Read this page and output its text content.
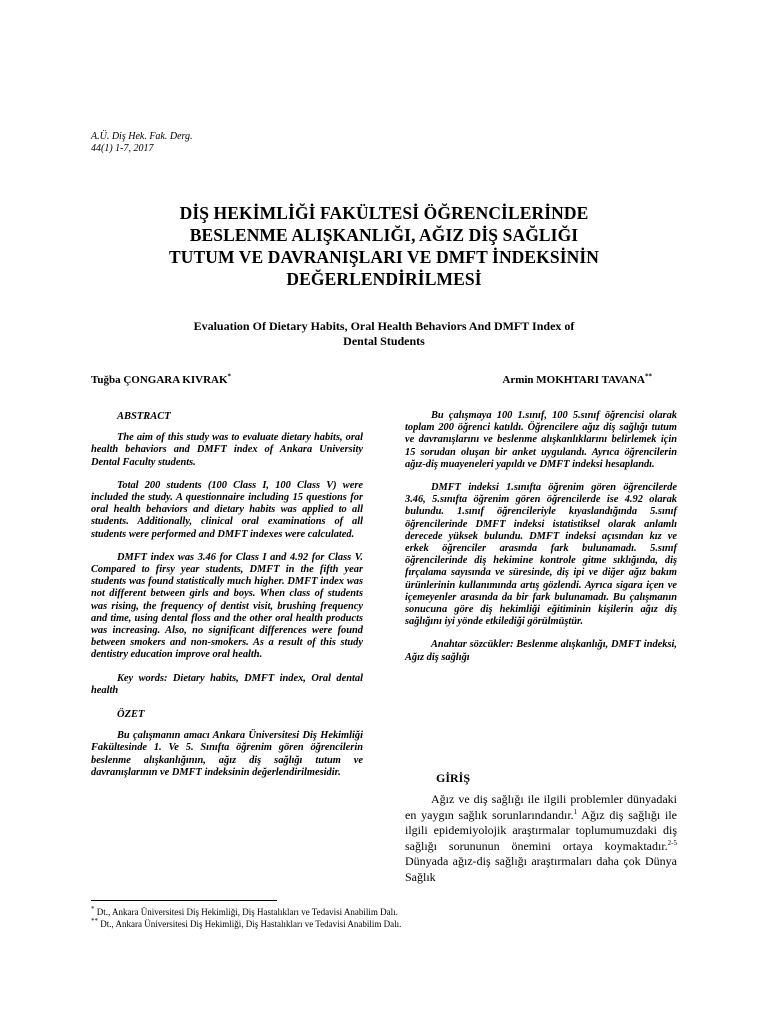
A.Ü. Diş Hek. Fak. Derg.
44(1) 1-7, 2017
DİŞ HEKİMLİĞİ FAKÜLTESİ ÖĞRENCİLERİNDE
BESLENME ALIŞKANLIĞI, AĞIZ DİŞ SAĞLIĞI
TUTUM VE DAVRANIŞLARI VE DMFT İNDEKSİNİN
DEĞERLENDİRİLMESİ
Evaluation Of Dietary Habits, Oral Health Behaviors And DMFT Index of
Dental Students
Tuğba ÇONGARA KIVRAK*	Armin MOKHTARI TAVANA**
ABSTRACT

The aim of this study was to evaluate dietary habits, oral health behaviors and DMFT index of Ankara University Dental Faculty students.

Total 200 students (100 Class I, 100 Class V) were included the study. A questionnaire including 15 questions for oral health behaviors and dietary habits was applied to all students. Additionally, clinical oral examinations of all students were performed and DMFT indexes were calculated.

DMFT index was 3.46 for Class I and 4.92 for Class V. Compared to firsy year students, DMFT in the fifth year students was found statistically much higher. DMFT index was not different between girls and boys. When class of students was rising, the frequency of dentist visit, brushing frequency and time, using dental floss and the other oral health products was increasing. Also, no significant differences were found between smokers and non-smokers. As a result of this study dentistry education improve oral health.

Key words: Dietary habits, DMFT index, Oral dental health

ÖZET

Bu çalışmanın amacı Ankara Üniversitesi Diş Hekimliği Fakültesinde 1. Ve 5. Sınıfta öğrenim gören öğrencilerin beslenme alışkanlığının, ağız diş sağlığı tutum ve davranışlarının ve DMFT indeksinin değerlendirilmesidir.

Bu çalışmaya 100 1.sınıf, 100 5.sınıf öğrencisi olarak toplam 200 öğrenci katıldı. Öğrencilere ağız diş sağlığı tutum ve davranışlarını ve beslenme alışkanlıklarını belirlemek için 15 sorudan oluşan bir anket uygulandı. Ayrıca öğrencilerin ağız-diş muayeneleri yapıldı ve DMFT indeksi hesaplandı.

DMFT indeksi 1.sınıfta öğrenim gören öğrencilerde 3.46, 5.sınıfta öğrenim gören öğrencilerde ise 4.92 olarak bulundu. 1.sınıf öğrencileriyle kıyaslandığında 5.sınıf öğrencilerinde DMFT indeksi istatistiksel olarak anlamlı derecede yüksek bulundu. DMFT indeksi açısından kız ve erkek öğrenciler arasında fark bulunamadı. 5.sınıf öğrencilerinde diş hekimine kontrole gitme sıklığında, diş fırçalama sayısında ve süresinde, diş ipi ve diğer ağız bakım ürünlerinin kullanımında artış gözlendi. Ayrıca sigara içen ve içemeyenler arasında da bir fark bulunamadı. Bu çalışmanın sonucuna göre diş hekimliği eğitiminin kişilerin ağız diş sağlığını iyi yönde etkilediği görülmüştür.

Anahtar sözcükler: Beslenme alışkanlığı, DMFT indeksi, Ağız diş sağlığı

GİRİŞ
Ağız ve diş sağlığı ile ilgili problemler dünyadaki en yaygın sağlık sorunlarındandır.$^1$ Ağız diş sağlığı ile ilgili epidemiyolojik araştırmalar toplumumuzdaki diş sağlığı sorununun önemini ortaya koymaktadır.$^{2-5}$ Dünyada ağız-diş sağlığı araştırmaları daha çok Dünya Sağlık
* Dt., Ankara Üniversitesi Diş Hekimliği, Diş Hastalıkları ve Tedavisi Anabilim Dalı.
** Dt., Ankara Üniversitesi Diş Hekimliği, Diş Hastalıkları ve Tedavisi Anabilim Dalı.
